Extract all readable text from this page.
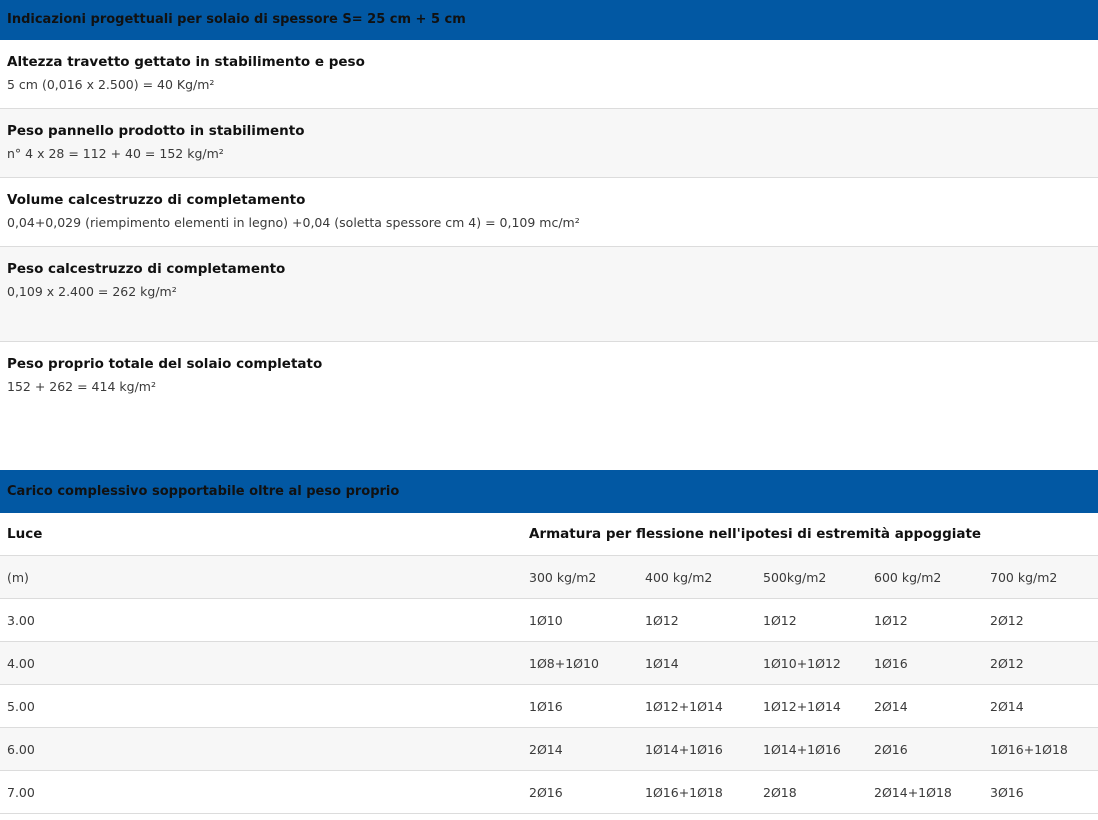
Indicazioni progettuali per solaio di spessore S= 25 cm + 5 cm
Altezza travetto gettato in stabilimento e peso
5 cm (0,016 x 2.500) = 40 Kg/m²
Peso pannello prodotto in stabilimento
n° 4 x 28 = 112 + 40 = 152 kg/m²
Volume calcestruzzo di completamento
0,04+0,029 (riempimento elementi in legno) +0,04 (soletta spessore cm 4) = 0,109 mc/m²
Peso calcestruzzo di completamento
0,109 x 2.400 = 262 kg/m²
Peso proprio totale del solaio completato
152 + 262 = 414 kg/m²
Carico complessivo sopportabile oltre al peso proprio
Luce	Armatura per flessione nell'ipotesi di estremità appoggiate				
(m)	300 kg/m2	400 kg/m2	500kg/m2	600 kg/m2	700 kg/m2
3.00	1Ø10	1Ø12	1Ø12	1Ø12	2Ø12
4.00	1Ø8+1Ø10	1Ø14	1Ø10+1Ø12	1Ø16	2Ø12
5.00	1Ø16	1Ø12+1Ø14	1Ø12+1Ø14	2Ø14	2Ø14
6.00	2Ø14	1Ø14+1Ø16	1Ø14+1Ø16	2Ø16	1Ø16+1Ø18
7.00	2Ø16	1Ø16+1Ø18	2Ø18	2Ø14+1Ø18	3Ø16
